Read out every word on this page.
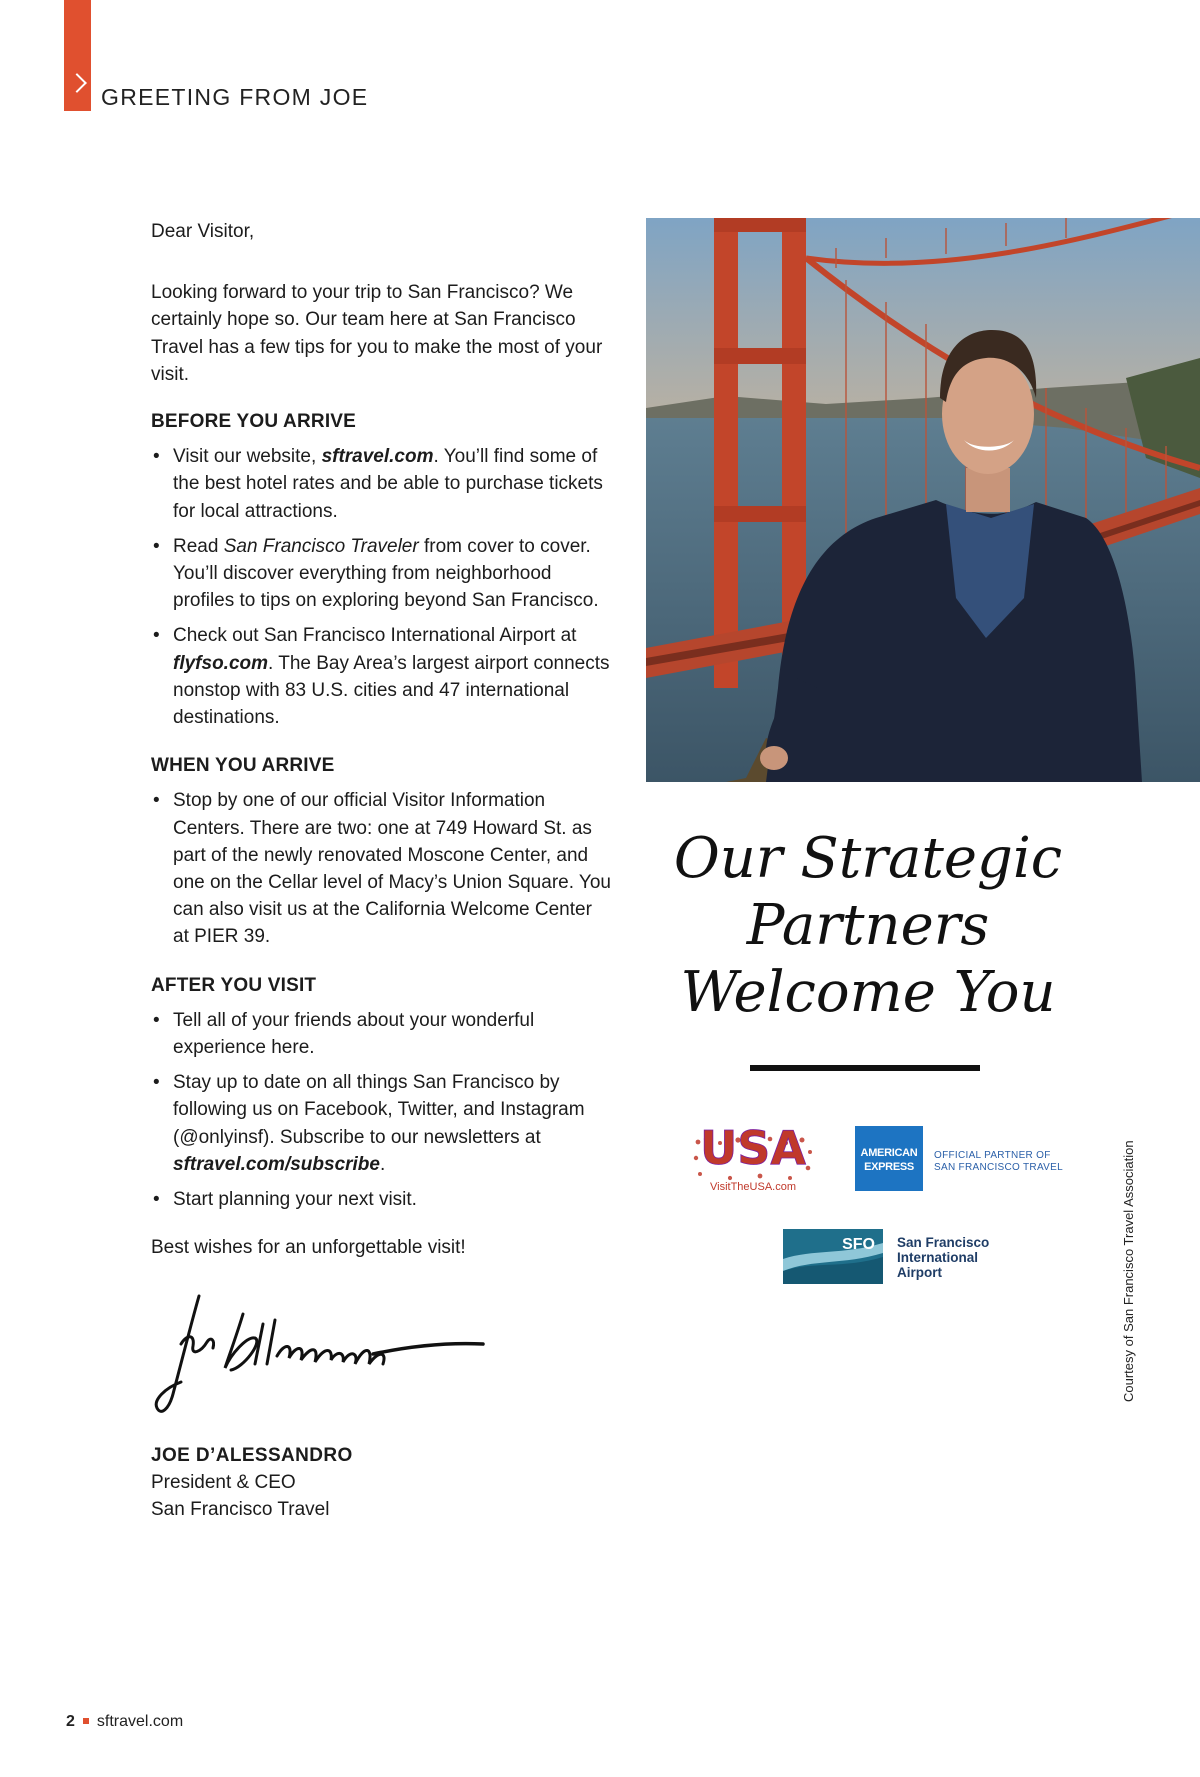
GREETING FROM JOE

Dear Visitor,

Looking forward to your trip to San Francisco? We certainly hope so. Our team here at San Francisco Travel has a few tips for you to make the most of your visit.

BEFORE YOU ARRIVE

• Visit our website, sftravel.com. You’ll find some of the best hotel rates and be able to purchase tickets for local attractions.
• Read San Francisco Traveler from cover to cover. You’ll discover everything from neighborhood profiles to tips on exploring beyond San Francisco.
• Check out San Francisco International Airport at flyfso.com. The Bay Area’s largest airport connects nonstop with 83 U.S. cities and 47 international destinations.

WHEN YOU ARRIVE

• Stop by one of our official Visitor Information Centers. There are two: one at 749 Howard St. as part of the newly renovated Moscone Center, and one on the Cellar level of Macy’s Union Square. You can also visit us at the California Welcome Center at PIER 39.

AFTER YOU VISIT

• Tell all of your friends about your wonderful experience here.
• Stay up to date on all things San Francisco by following us on Facebook, Twitter, and Instagram (@onlyinsf). Subscribe to our newsletters at sftravel.com/subscribe.
• Start planning your next visit.

Best wishes for an unforgettable visit!

JOE D’ALESSANDRO

President & CEO

San Francisco Travel

Our Strategic
Partners
Welcome You
USA
VisitTheUSA.com
AMERICAN
EXPRESS
OFFICIAL PARTNER OF
SAN FRANCISCO TRAVEL
SFO San Francisco
International
Airport	Courtesy of San Francisco Travel Association
2 sftravel.com
